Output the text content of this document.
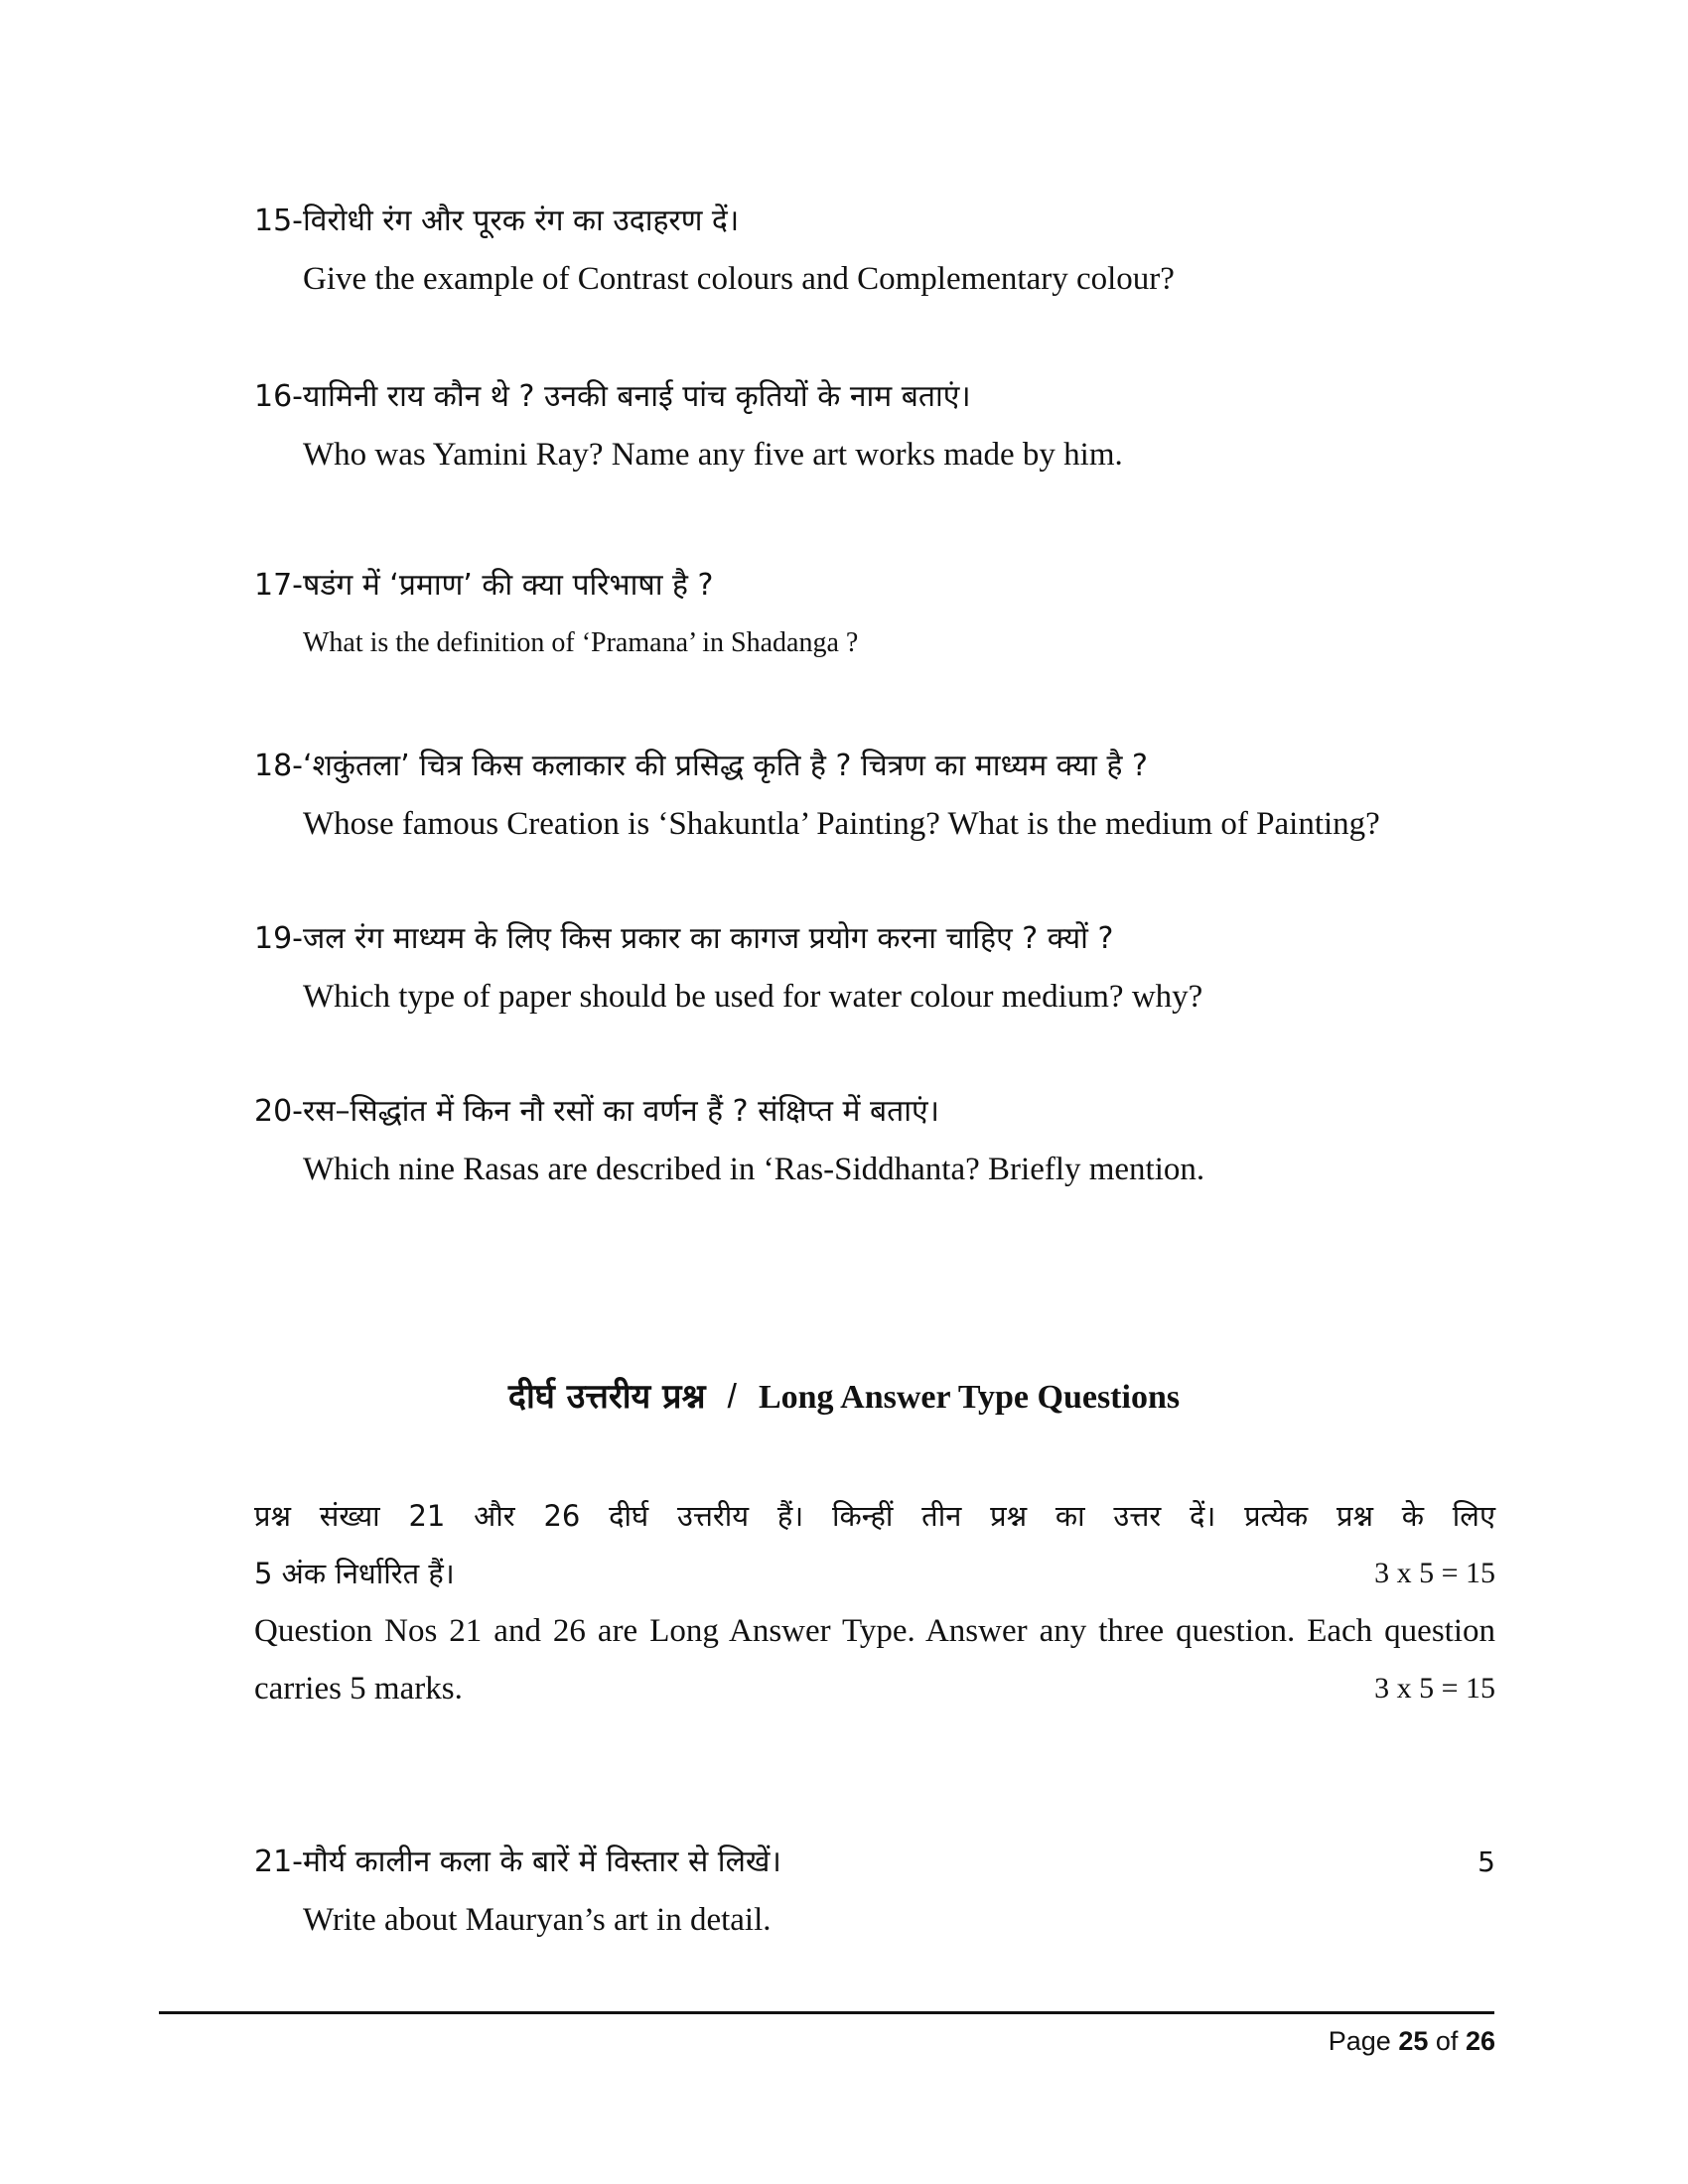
15-विरोधी रंग और पूरक रंग का उदाहरण दें।
Give the example of Contrast colours and Complementary colour?
16-यामिनी राय कौन थे ? उनकी बनाई पांच कृतियों के नाम बताएं।
Who was Yamini Ray? Name any five art works made by him.
17-षडंग में ‘प्रमाण’ की क्या परिभाषा है ?
What is the definition of ‘Pramana’ in Shadanga ?
18-‘शकुंतला’ चित्र किस कलाकार की प्रसिद्ध कृति है ? चित्रण का माध्यम क्या है ?
Whose famous Creation is ‘Shakuntla’ Painting? What is the medium of Painting?
19-जल रंग माध्यम के लिए किस प्रकार का कागज प्रयोग करना चाहिए ? क्यों ?
Which type of paper should be used for water colour medium? why?
20-रस–सिद्धांत में किन नौ रसों का वर्णन हैं ? संक्षिप्त में बताएं।
Which nine Rasas are described in ‘Ras-Siddhanta? Briefly mention.
दीर्घ उत्तरीय प्रश्न / Long Answer Type Questions
प्रश्न संख्या 21 और 26 दीर्घ उत्तरीय हैं। किन्हीं तीन प्रश्न का उत्तर दें। प्रत्येक प्रश्न के लिए
5 अंक निर्धारित हैं।	3 x 5 = 15
Question Nos 21 and 26 are Long Answer Type. Answer any three question. Each question
carries 5 marks.	3 x 5 = 15
21-मौर्य कालीन कला के बारें में विस्तार से लिखें।	5
Write about Mauryan’s art in detail.
Page 25 of 26
